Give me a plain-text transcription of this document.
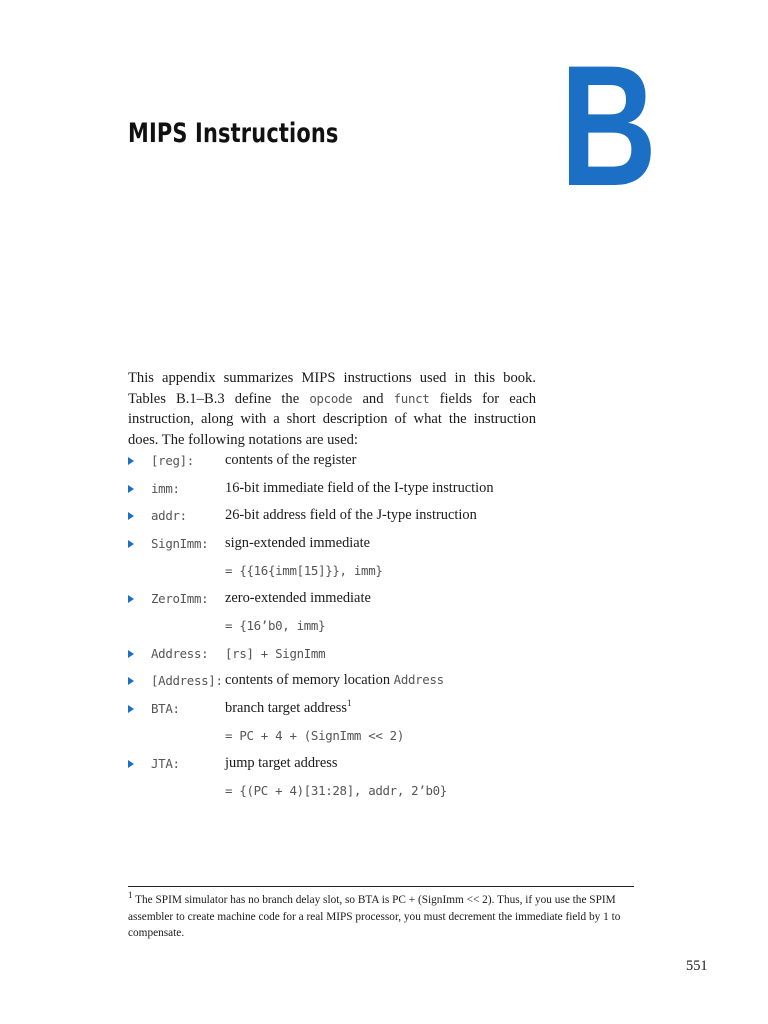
MIPS Instructions B
This appendix summarizes MIPS instructions used in this book. Tables B.1–B.3 define the opcode and funct fields for each instruction, along with a short description of what the instruction does. The following notations are used:
[reg]: contents of the register
imm:	16-bit immediate field of the I-type instruction
addr:	26-bit address field of the J-type instruction
SignImm: sign-extended immediate
= {{16{imm[15]}}, imm}
ZeroImm: zero-extended immediate
= {16’b0, imm}
Address: [rs] + SignImm
[Address]: contents of memory location Address
BTA:	branch target address$^1$
= PC + 4 + (SignImm << 2)
JTA:	jump target address
= {(PC + 4)[31:28], addr, 2’b0}
$^1$ The SPIM simulator has no branch delay slot, so BTA is PC + (SignImm << 2). Thus, if you use the SPIM assembler to create machine code for a real MIPS processor, you must decrement the immediate field by 1 to compensate.
551
